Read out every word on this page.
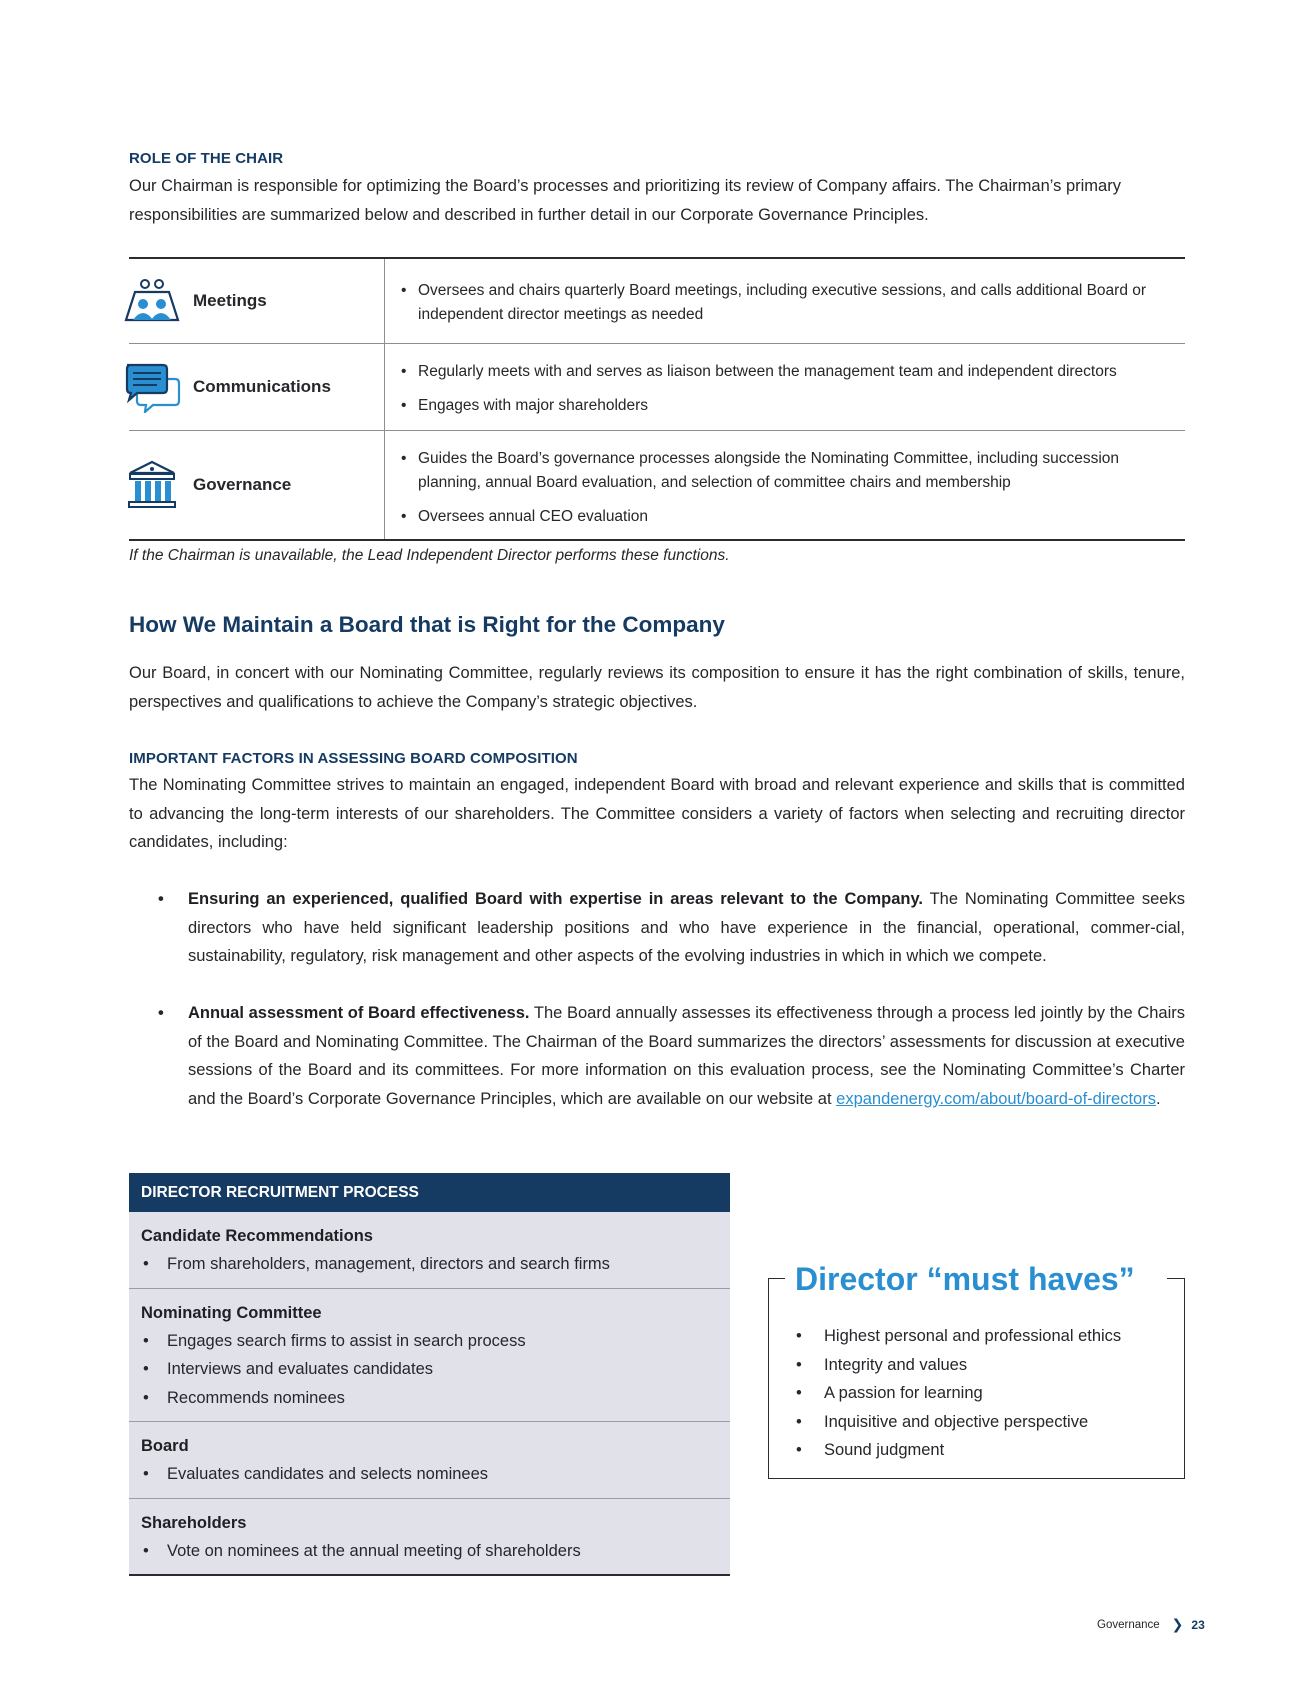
ROLE OF THE CHAIR

Our Chairman is responsible for optimizing the Board’s processes and prioritizing its review of Company affairs. The Chairman’s primary responsibilities are summarized below and described in further detail in our Corporate Governance Principles.

Meetings
• Oversees and chairs quarterly Board meetings, including executive sessions, and calls additional Board or independent director meetings as needed
Communications
• Regularly meets with and serves as liaison between the management team and independent directors
• Engages with major shareholders
Governance
• Guides the Board’s governance processes alongside the Nominating Committee, including succession planning, annual Board evaluation, and selection of committee chairs and membership
• Oversees annual CEO evaluation
If the Chairman is unavailable, the Lead Independent Director performs these functions.
How We Maintain a Board that is Right for the Company

Our Board, in concert with our Nominating Committee, regularly reviews its composition to ensure it has the right combination of skills, tenure, perspectives and qualifications to achieve the Company’s strategic objectives.

IMPORTANT FACTORS IN ASSESSING BOARD COMPOSITION

The Nominating Committee strives to maintain an engaged, independent Board with broad and relevant experience and skills that is committed to advancing the long-term interests of our shareholders. The Committee considers a variety of factors when selecting and recruiting director candidates, including:

• Ensuring an experienced, qualified Board with expertise in areas relevant to the Company. The Nominating Committee seeks directors who have held significant leadership positions and who have experience in the financial, operational, commer-cial, sustainability, regulatory, risk management and other aspects of the evolving industries in which in which we compete.
• Annual assessment of Board effectiveness. The Board annually assesses its effectiveness through a process led jointly by the Chairs of the Board and Nominating Committee. The Chairman of the Board summarizes the directors’ assessments for discussion at executive sessions of the Board and its committees. For more information on this evaluation process, see the Nominating Committee’s Charter and the Board’s Corporate Governance Principles, which are available on our website at expandenergy.com/about/board-of-directors.
DIRECTOR RECRUITMENT PROCESS
Candidate Recommendations
• From shareholders, management, directors and search firms
Nominating Committee
• Engages search firms to assist in search process
• Interviews and evaluates candidates
• Recommends nominees
Board
• Evaluates candidates and selects nominees
Shareholders
• Vote on nominees at the annual meeting of shareholders
Director “must haves”
• Highest personal and professional ethics
• Integrity and values
• A passion for learning
• Inquisitive and objective perspective
• Sound judgment
Governance ❯ 23
